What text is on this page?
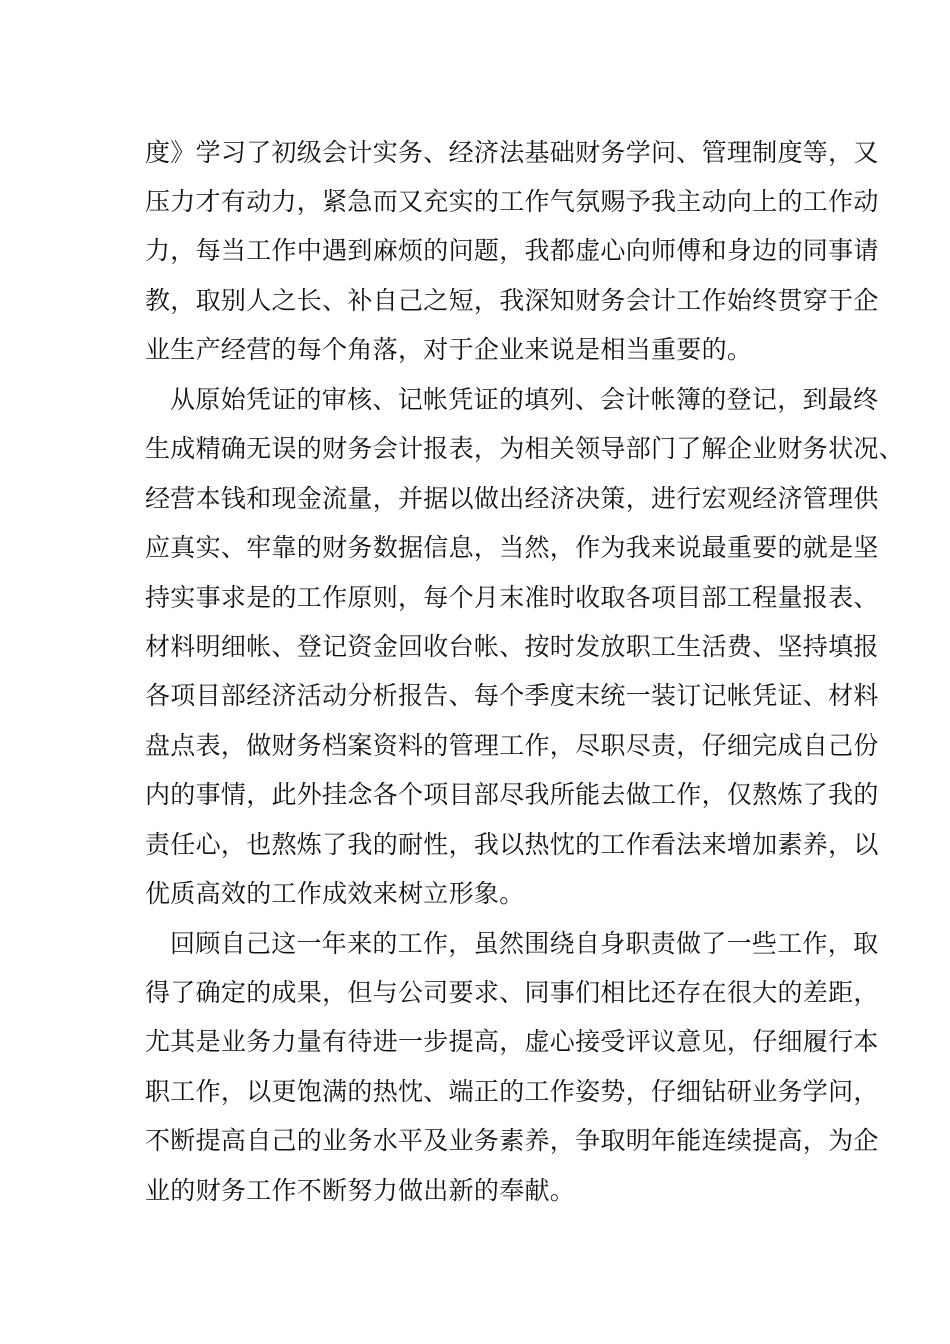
度》学习了初级会计实务、经济法基础财务学问、管理制度等，又
压力才有动力，紧急而又充实的工作气氛赐予我主动向上的工作动
力，每当工作中遇到麻烦的问题，我都虚心向师傅和身边的同事请
教，取别人之长、补自己之短，我深知财务会计工作始终贯穿于企
业生产经营的每个角落，对于企业来说是相当重要的。
从原始凭证的审核、记帐凭证的填列、会计帐簿的登记，到最终
生成精确无误的财务会计报表，为相关领导部门了解企业财务状况、
经营本钱和现金流量，并据以做出经济决策，进行宏观经济管理供
应真实、牢靠的财务数据信息，当然，作为我来说最重要的就是坚
持实事求是的工作原则，每个月末准时收取各项目部工程量报表、
材料明细帐、登记资金回收台帐、按时发放职工生活费、坚持填报
各项目部经济活动分析报告、每个季度末统一装订记帐凭证、材料
盘点表，做财务档案资料的管理工作，尽职尽责，仔细完成自己份
内的事情，此外挂念各个项目部尽我所能去做工作，仅熬炼了我的
责任心，也熬炼了我的耐性，我以热忱的工作看法来增加素养，以
优质高效的工作成效来树立形象。
回顾自己这一年来的工作，虽然围绕自身职责做了一些工作，取
得了确定的成果，但与公司要求、同事们相比还存在很大的差距，
尤其是业务力量有待进一步提高，虚心接受评议意见，仔细履行本
职工作，以更饱满的热忱、端正的工作姿势，仔细钻研业务学问，
不断提高自己的业务水平及业务素养，争取明年能连续提高，为企
业的财务工作不断努力做出新的奉献。
